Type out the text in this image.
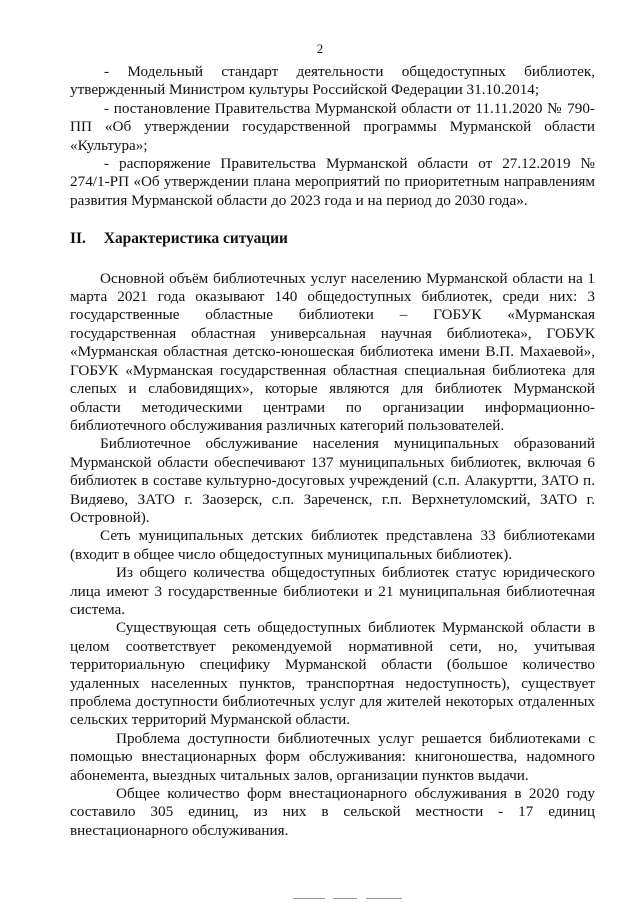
2

- Модельный стандарт деятельности общедоступных библиотек, утвержденный Министром культуры Российской Федерации 31.10.2014;

- постановление Правительства Мурманской области от 11.11.2020 № 790-ПП «Об утверждении государственной программы Мурманской области «Культура»;

- распоряжение Правительства Мурманской области от 27.12.2019 № 274/1-РП «Об утверждении плана мероприятий по приоритетным направлениям развития Мурманской области до 2023 года и на период до 2030 года».

II. Характеристика ситуации

Основной объём библиотечных услуг населению Мурманской области на 1 марта 2021 года оказывают 140 общедоступных библиотек, среди них: 3 государственные областные библиотеки – ГОБУК «Мурманская государственная областная универсальная научная библиотека», ГОБУК «Мурманская областная детско-юношеская библиотека имени В.П. Махаевой», ГОБУК «Мурманская государственная областная специальная библиотека для слепых и слабовидящих», которые являются для библиотек Мурманской области методическими центрами по организации информационно-библиотечного обслуживания различных категорий пользователей.

Библиотечное обслуживание населения муниципальных образований Мурманской области обеспечивают 137 муниципальных библиотек, включая 6 библиотек в составе культурно-досуговых учреждений (с.п. Алакуртти, ЗАТО п. Видяево, ЗАТО г. Заозерск, с.п. Зареченск, г.п. Верхнетуломский, ЗАТО г. Островной).

Сеть муниципальных детских библиотек представлена 33 библиотеками (входит в общее число общедоступных муниципальных библиотек).

Из общего количества общедоступных библиотек статус юридического лица имеют 3 государственные библиотеки и 21 муниципальная библиотечная система.

Существующая сеть общедоступных библиотек Мурманской области в целом соответствует рекомендуемой нормативной сети, но, учитывая территориальную специфику Мурманской области (большое количество удаленных населенных пунктов, транспортная недоступность), существует проблема доступности библиотечных услуг для жителей некоторых отдаленных сельских территорий Мурманской области.

Проблема доступности библиотечных услуг решается библиотеками с помощью внестационарных форм обслуживания: книгоношества, надомного абонемента, выездных читальных залов, организации пунктов выдачи.

Общее количество форм внестационарного обслуживания в 2020 году составило 305 единиц, из них в сельской местности - 17 единиц внестационарного обслуживания.
